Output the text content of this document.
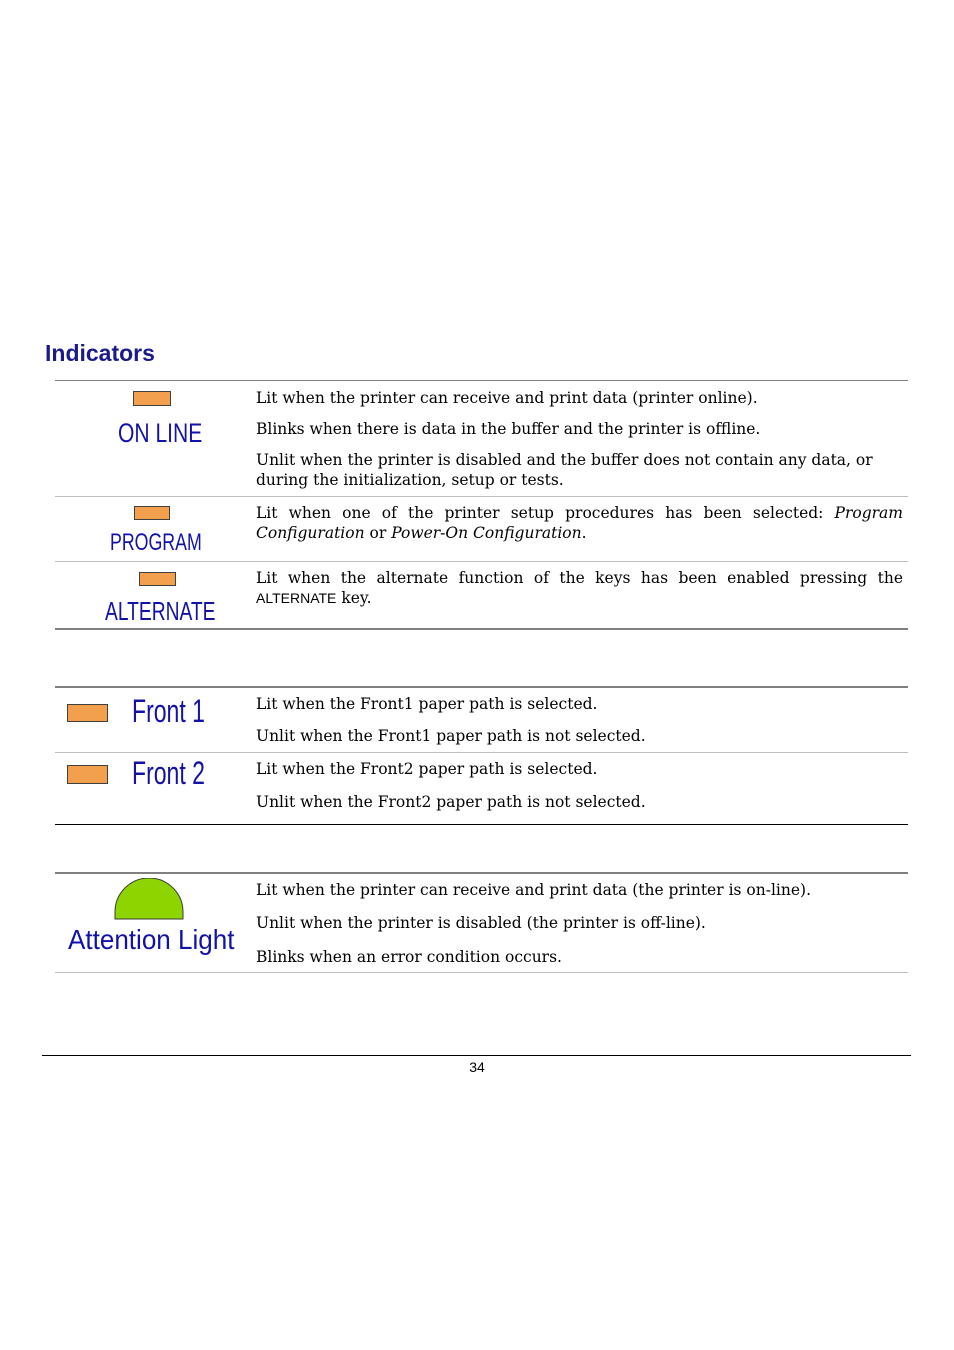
Indicators
ON LINE

Lit when the printer can receive and print data (printer online).

Blinks when there is data in the buffer and the printer is offline.

Unlit when the printer is disabled and the buffer does not contain any data, or during the initialization, setup or tests.

PROGRAM

Lit when one of the printer setup procedures has been selected: Program Configuration or Power-On Configuration.

ALTERNATE

Lit when the alternate function of the keys has been enabled pressing the ALTERNATE key.

Front 1	Lit when the Front1 paper path is selected.

Unlit when the Front1 paper path is not selected.

Front 2	Lit when the Front2 paper path is selected.

Unlit when the Front2 paper path is not selected.

Attention Light

Lit when the printer can receive and print data (the printer is on-line).

Unlit when the printer is disabled (the printer is off-line).

Blinks when an error condition occurs.

34
